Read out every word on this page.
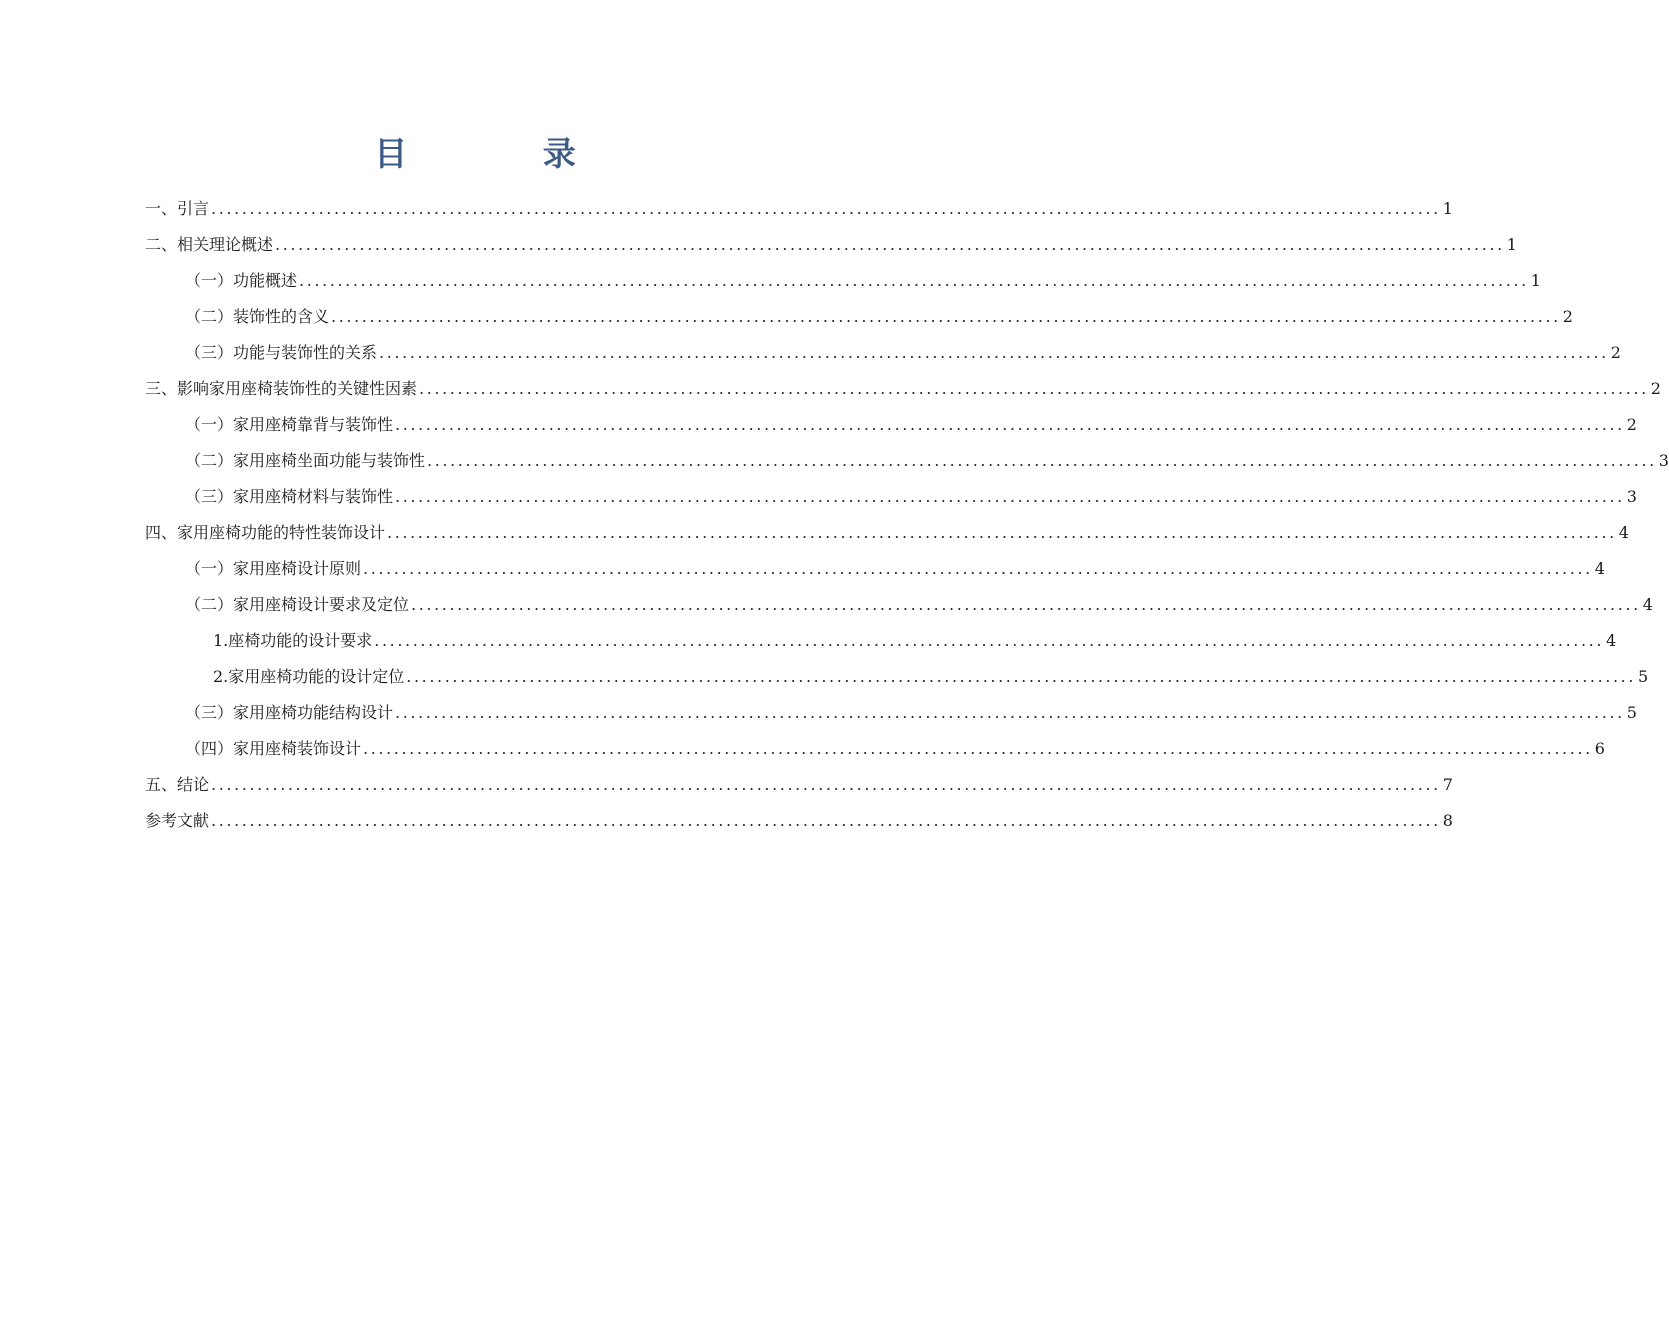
目 录
一、引言 ................................................................................................................................................................ 1
二、相关理论概述 ................................................................................................................................................................ 1
（一）功能概述 ................................................................................................................................................................ 1
（二）装饰性的含义 ................................................................................................................................................................ 2
（三）功能与装饰性的关系 ................................................................................................................................................................ 2
三、影响家用座椅装饰性的关键性因素 ................................................................................................................................................................ 2
（一）家用座椅靠背与装饰性 ................................................................................................................................................................ 2
（二）家用座椅坐面功能与装饰性 ................................................................................................................................................................ 3
（三）家用座椅材料与装饰性 ................................................................................................................................................................ 3
四、家用座椅功能的特性装饰设计 ................................................................................................................................................................ 4
（一）家用座椅设计原则 ................................................................................................................................................................ 4
（二）家用座椅设计要求及定位 ................................................................................................................................................................ 4
1.座椅功能的设计要求 ................................................................................................................................................................ 4
2.家用座椅功能的设计定位 ................................................................................................................................................................ 5
（三）家用座椅功能结构设计 ................................................................................................................................................................ 5
（四）家用座椅装饰设计 ................................................................................................................................................................ 6
五、结论 ................................................................................................................................................................ 7
参考文献 ................................................................................................................................................................ 8
